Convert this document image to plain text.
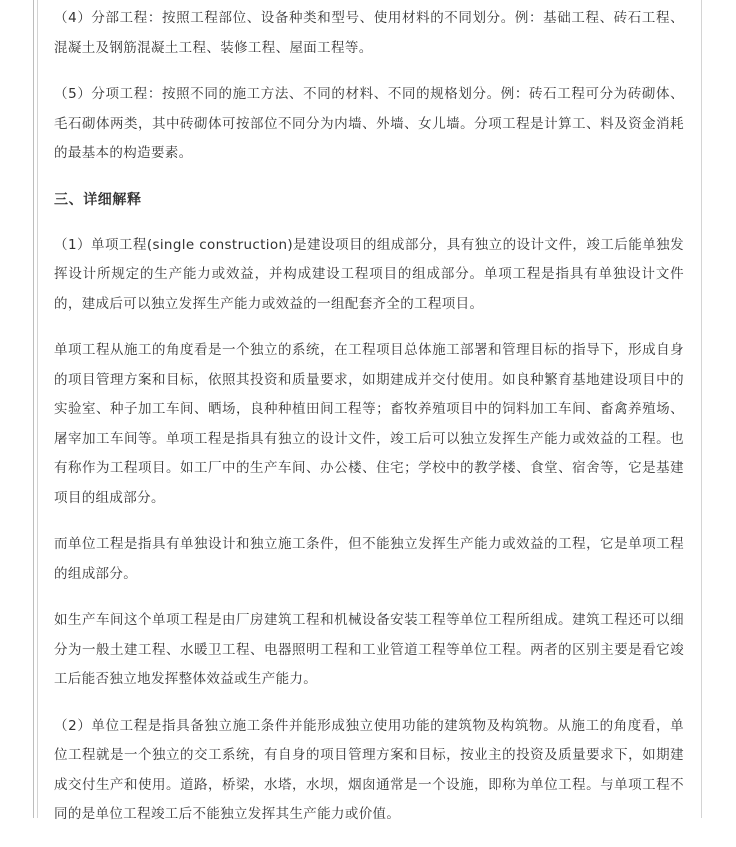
（4）分部工程：按照工程部位、设备种类和型号、使用材料的不同划分。例：基础工程、砖石工程、混凝土及钢筋混凝土工程、装修工程、屋面工程等。

（5）分项工程：按照不同的施工方法、不同的材料、不同的规格划分。例：砖石工程可分为砖砌体、毛石砌体两类，其中砖砌体可按部位不同分为内墙、外墙、女儿墙。分项工程是计算工、料及资金消耗的最基本的构造要素。

三、详细解释

（1）单项工程(single construction)是建设项目的组成部分，具有独立的设计文件，竣工后能单独发挥设计所规定的生产能力或效益，并构成建设工程项目的组成部分。单项工程是指具有单独设计文件的，建成后可以独立发挥生产能力或效益的一组配套齐全的工程项目。

单项工程从施工的角度看是一个独立的系统，在工程项目总体施工部署和管理目标的指导下，形成自身的项目管理方案和目标，依照其投资和质量要求，如期建成并交付使用。如良种繁育基地建设项目中的实验室、种子加工车间、晒场，良种种植田间工程等；畜牧养殖项目中的饲料加工车间、畜禽养殖场、屠宰加工车间等。单项工程是指具有独立的设计文件，竣工后可以独立发挥生产能力或效益的工程。也有称作为工程项目。如工厂中的生产车间、办公楼、住宅；学校中的教学楼、食堂、宿舍等，它是基建项目的组成部分。

而单位工程是指具有单独设计和独立施工条件，但不能独立发挥生产能力或效益的工程，它是单项工程的组成部分。

如生产车间这个单项工程是由厂房建筑工程和机械设备安装工程等单位工程所组成。建筑工程还可以细分为一般土建工程、水暖卫工程、电器照明工程和工业管道工程等单位工程。两者的区别主要是看它竣工后能否独立地发挥整体效益或生产能力。

（2）单位工程是指具备独立施工条件并能形成独立使用功能的建筑物及构筑物。从施工的角度看，单位工程就是一个独立的交工系统，有自身的项目管理方案和目标，按业主的投资及质量要求下，如期建成交付生产和使用。道路，桥梁，水塔，水坝，烟囱通常是一个设施，即称为单位工程。与单项工程不同的是单位工程竣工后不能独立发挥其生产能力或价值。
